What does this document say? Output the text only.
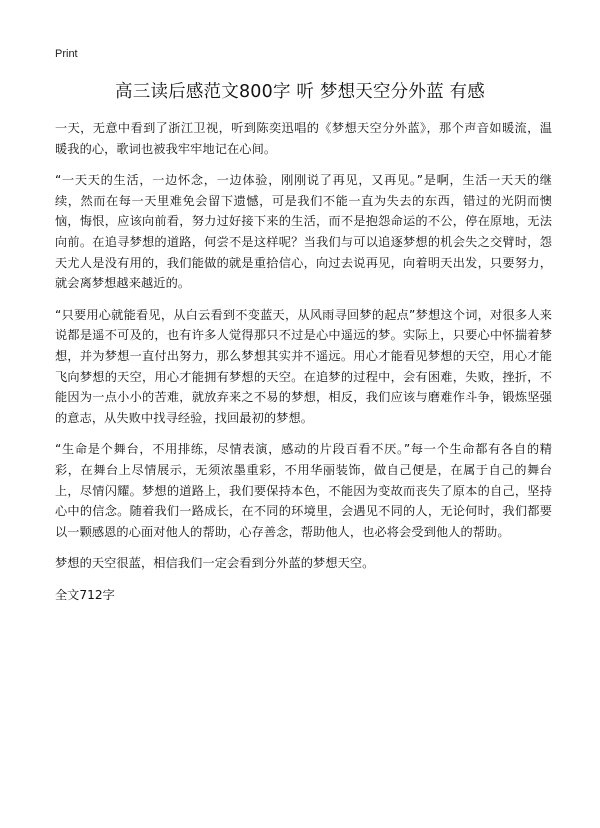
Print
高三读后感范文800字 听 梦想天空分外蓝 有感

一天，无意中看到了浙江卫视，听到陈奕迅唱的《梦想天空分外蓝》，那个声音如暖流，温暖我的心，歌词也被我牢牢地记在心间。

“一天天的生活，一边怀念，一边体验，刚刚说了再见，又再见。”是啊，生活一天天的继续，然而在每一天里难免会留下遗憾，可是我们不能一直为失去的东西，错过的光阴而懊恼，悔恨，应该向前看，努力过好接下来的生活，而不是抱怨命运的不公，停在原地，无法向前。在追寻梦想的道路，何尝不是这样呢？当我们与可以追逐梦想的机会失之交臂时，怨天尤人是没有用的，我们能做的就是重拾信心，向过去说再见，向着明天出发，只要努力，就会离梦想越来越近的。

“只要用心就能看见，从白云看到不变蓝天，从风雨寻回梦的起点”梦想这个词，对很多人来说都是遥不可及的，也有许多人觉得那只不过是心中遥远的梦。实际上，只要心中怀揣着梦想，并为梦想一直付出努力，那么梦想其实并不遥远。用心才能看见梦想的天空，用心才能飞向梦想的天空，用心才能拥有梦想的天空。在追梦的过程中，会有困难，失败，挫折，不能因为一点小小的苦难，就放弃来之不易的梦想，相反，我们应该与磨难作斗争，锻炼坚强的意志，从失败中找寻经验，找回最初的梦想。

“生命是个舞台，不用排练，尽情表演，感动的片段百看不厌。”每一个生命都有各自的精彩，在舞台上尽情展示，无须浓墨重彩，不用华丽装饰，做自己便是，在属于自己的舞台上，尽情闪耀。梦想的道路上，我们要保持本色，不能因为变故而丧失了原本的自己，坚持心中的信念。随着我们一路成长，在不同的环境里，会遇见不同的人，无论何时，我们都要以一颗感恩的心面对他人的帮助，心存善念，帮助他人，也必将会受到他人的帮助。

梦想的天空很蓝，相信我们一定会看到分外蓝的梦想天空。

全文712字
